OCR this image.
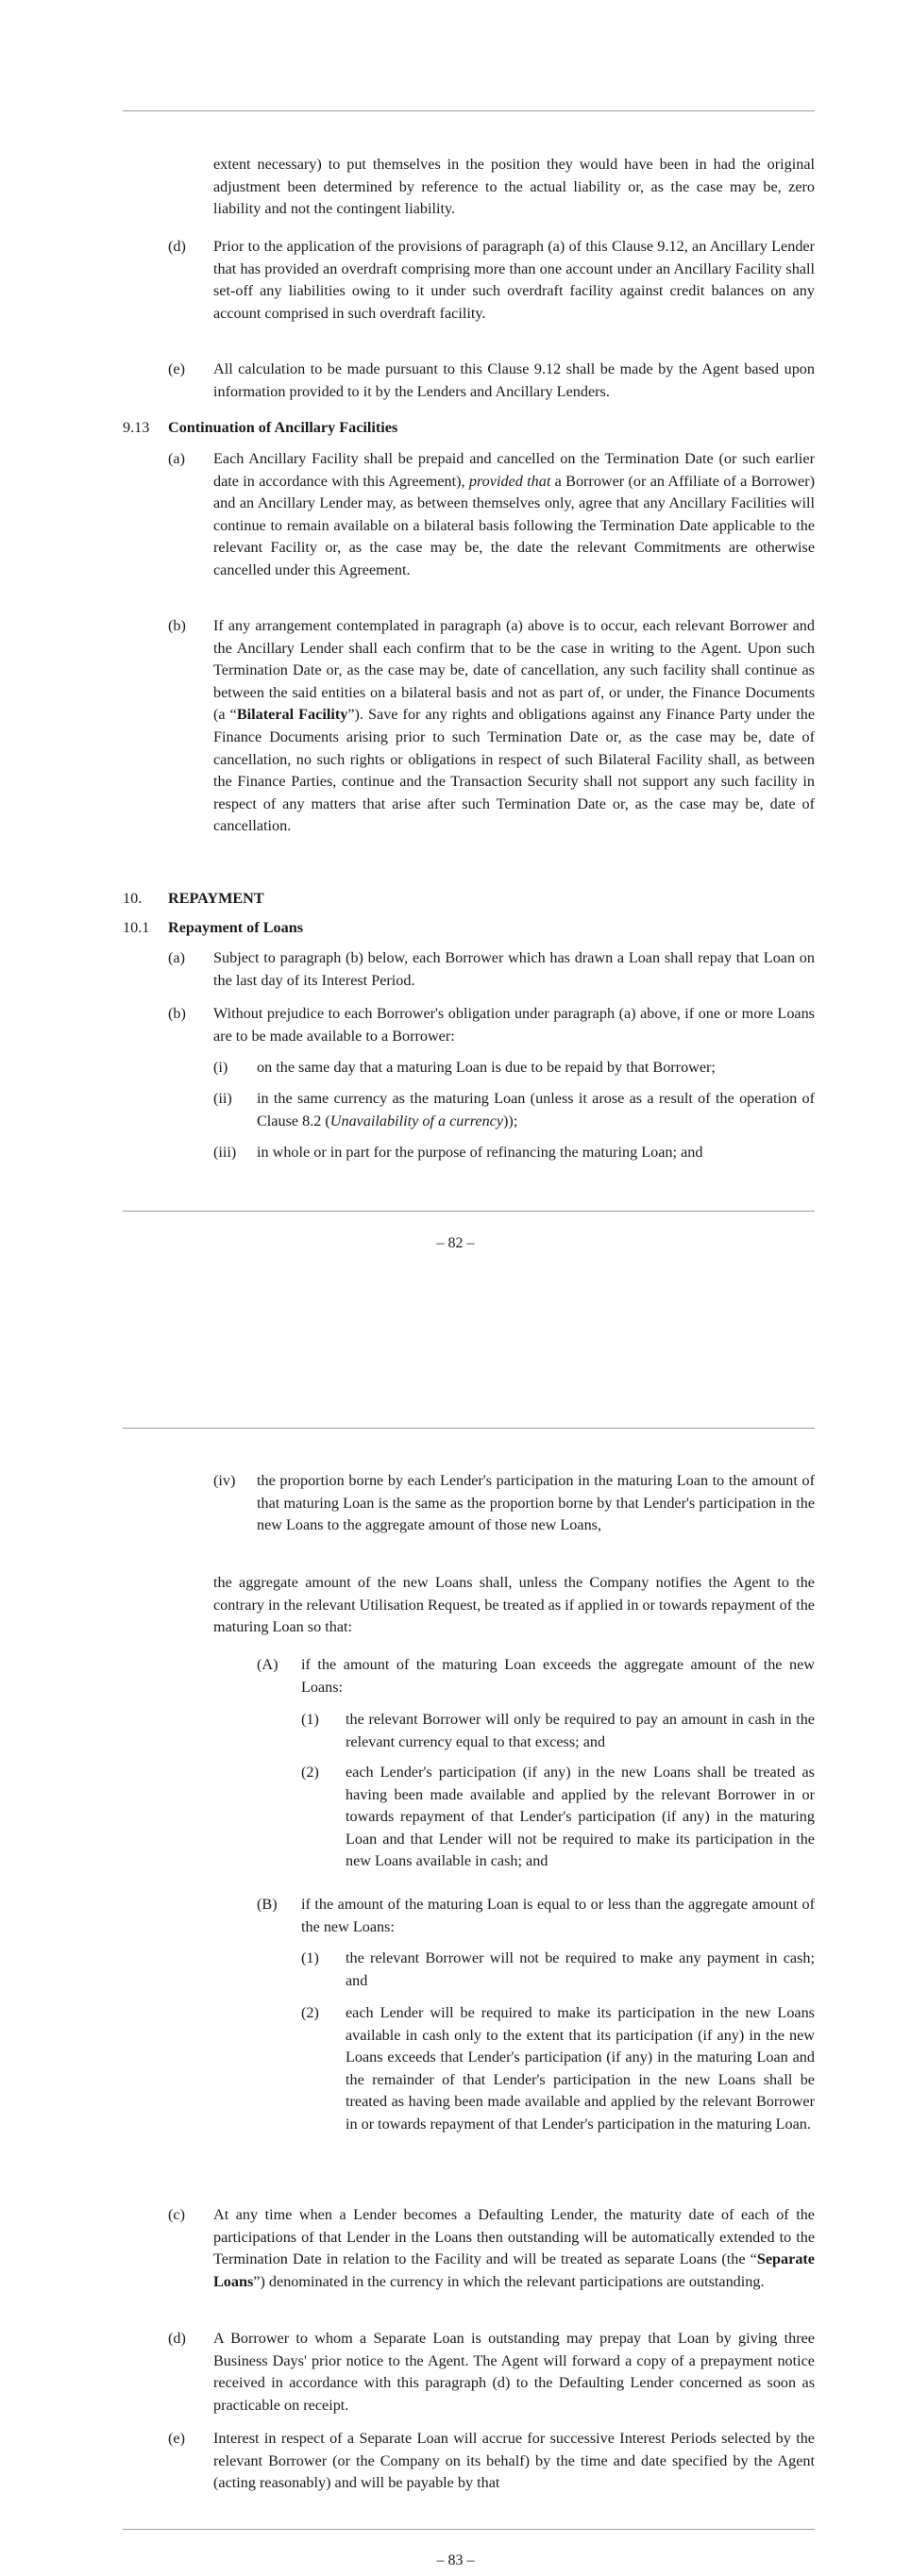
extent necessary) to put themselves in the position they would have been in had the original adjustment been determined by reference to the actual liability or, as the case may be, zero liability and not the contingent liability.

(d) Prior to the application of the provisions of paragraph (a) of this Clause 9.12, an Ancillary Lender that has provided an overdraft comprising more than one account under an Ancillary Facility shall set-off any liabilities owing to it under such overdraft facility against credit balances on any account comprised in such overdraft facility.

(e) All calculation to be made pursuant to this Clause 9.12 shall be made by the Agent based upon information provided to it by the Lenders and Ancillary Lenders.

9.13 Continuation of Ancillary Facilities
(a) Each Ancillary Facility shall be prepaid and cancelled on the Termination Date (or such earlier date in accordance with this Agreement), provided that a Borrower (or an Affiliate of a Borrower) and an Ancillary Lender may, as between themselves only, agree that any Ancillary Facilities will continue to remain available on a bilateral basis following the Termination Date applicable to the relevant Facility or, as the case may be, the date the relevant Commitments are otherwise cancelled under this Agreement.

(b) If any arrangement contemplated in paragraph (a) above is to occur, each relevant Borrower and the Ancillary Lender shall each confirm that to be the case in writing to the Agent. Upon such Termination Date or, as the case may be, date of cancellation, any such facility shall continue as between the said entities on a bilateral basis and not as part of, or under, the Finance Documents (a “Bilateral Facility”). Save for any rights and obligations against any Finance Party under the Finance Documents arising prior to such Termination Date or, as the case may be, date of cancellation, no such rights or obligations in respect of such Bilateral Facility shall, as between the Finance Parties, continue and the Transaction Security shall not support any such facility in respect of any matters that arise after such Termination Date or, as the case may be, date of cancellation.

10. REPAYMENT
10.1 Repayment of Loans
(a) Subject to paragraph (b) below, each Borrower which has drawn a Loan shall repay that Loan on the last day of its Interest Period.

(b) Without prejudice to each Borrower's obligation under paragraph (a) above, if one or more Loans are to be made available to a Borrower:

(i) on the same day that a maturing Loan is due to be repaid by that Borrower;

(ii) in the same currency as the maturing Loan (unless it arose as a result of the operation of Clause 8.2 (Unavailability of a currency));

(iii) in whole or in part for the purpose of refinancing the maturing Loan; and

– 82 –
(iv) the proportion borne by each Lender's participation in the maturing Loan to the amount of that maturing Loan is the same as the proportion borne by that Lender's participation in the new Loans to the aggregate amount of those new Loans,

the aggregate amount of the new Loans shall, unless the Company notifies the Agent to the contrary in the relevant Utilisation Request, be treated as if applied in or towards repayment of the maturing Loan so that:

(A) if the amount of the maturing Loan exceeds the aggregate amount of the new Loans:

(1) the relevant Borrower will only be required to pay an amount in cash in the relevant currency equal to that excess; and

(2) each Lender's participation (if any) in the new Loans shall be treated as having been made available and applied by the relevant Borrower in or towards repayment of that Lender's participation (if any) in the maturing Loan and that Lender will not be required to make its participation in the new Loans available in cash; and

(B) if the amount of the maturing Loan is equal to or less than the aggregate amount of the new Loans:

(1) the relevant Borrower will not be required to make any payment in cash; and

(2) each Lender will be required to make its participation in the new Loans available in cash only to the extent that its participation (if any) in the new Loans exceeds that Lender's participation (if any) in the maturing Loan and the remainder of that Lender's participation in the new Loans shall be treated as having been made available and applied by the relevant Borrower in or towards repayment of that Lender's participation in the maturing Loan.

(c) At any time when a Lender becomes a Defaulting Lender, the maturity date of each of the participations of that Lender in the Loans then outstanding will be automatically extended to the Termination Date in relation to the Facility and will be treated as separate Loans (the “Separate Loans”) denominated in the currency in which the relevant participations are outstanding.

(d) A Borrower to whom a Separate Loan is outstanding may prepay that Loan by giving three Business Days' prior notice to the Agent. The Agent will forward a copy of a prepayment notice received in accordance with this paragraph (d) to the Defaulting Lender concerned as soon as practicable on receipt.

(e) Interest in respect of a Separate Loan will accrue for successive Interest Periods selected by the relevant Borrower (or the Company on its behalf) by the time and date specified by the Agent (acting reasonably) and will be payable by that

– 83 –
